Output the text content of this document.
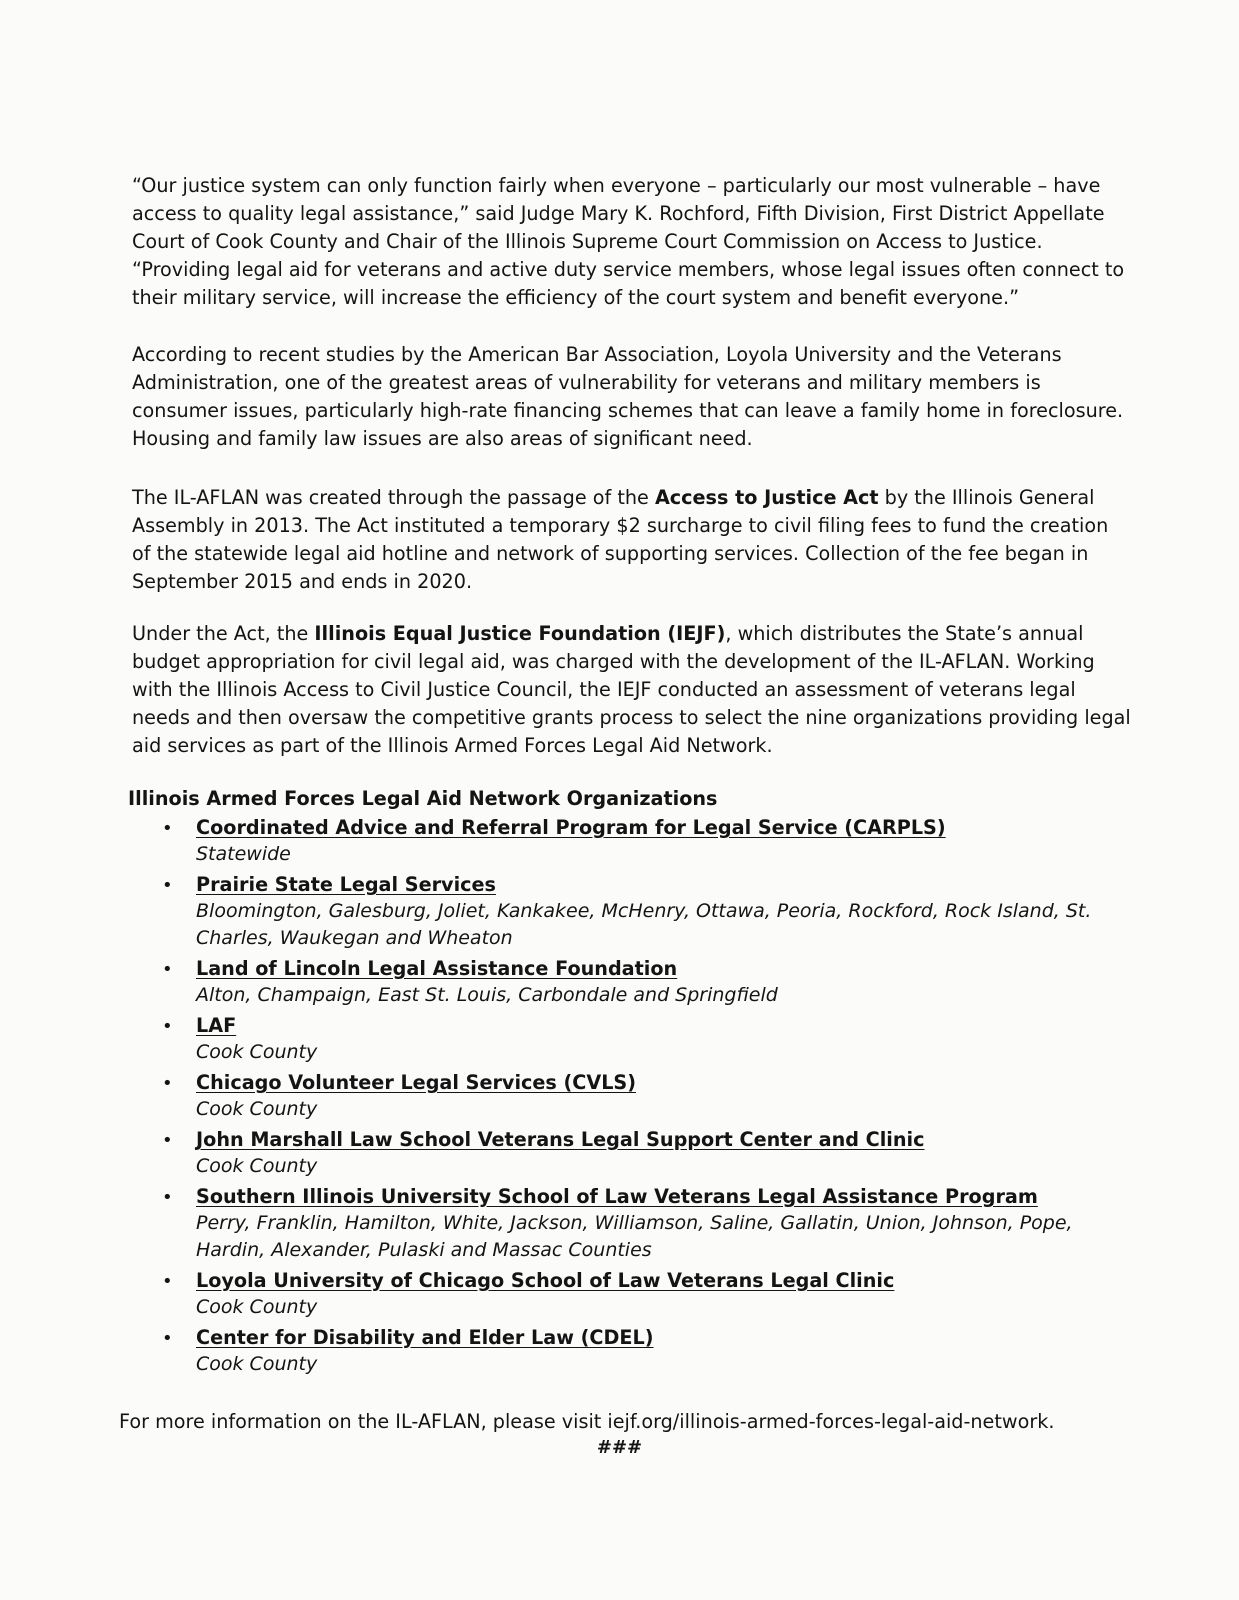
“Our justice system can only function fairly when everyone – particularly our most vulnerable – have access to quality legal assistance,” said Judge Mary K. Rochford, Fifth Division, First District Appellate Court of Cook County and Chair of the Illinois Supreme Court Commission on Access to Justice. “Providing legal aid for veterans and active duty service members, whose legal issues often connect to their military service, will increase the efficiency of the court system and benefit everyone.”

According to recent studies by the American Bar Association, Loyola University and the Veterans Administration, one of the greatest areas of vulnerability for veterans and military members is consumer issues, particularly high-rate financing schemes that can leave a family home in foreclosure. Housing and family law issues are also areas of significant need.

The IL-AFLAN was created through the passage of the Access to Justice Act by the Illinois General Assembly in 2013. The Act instituted a temporary $2 surcharge to civil filing fees to fund the creation of the statewide legal aid hotline and network of supporting services. Collection of the fee began in September 2015 and ends in 2020.

Under the Act, the Illinois Equal Justice Foundation (IEJF), which distributes the State’s annual budget appropriation for civil legal aid, was charged with the development of the IL-AFLAN. Working with the Illinois Access to Civil Justice Council, the IEJF conducted an assessment of veterans legal needs and then oversaw the competitive grants process to select the nine organizations providing legal aid services as part of the Illinois Armed Forces Legal Aid Network.

Illinois Armed Forces Legal Aid Network Organizations

• Coordinated Advice and Referral Program for Legal Service (CARPLS)
Statewide
• Prairie State Legal Services
Bloomington, Galesburg, Joliet, Kankakee, McHenry, Ottawa, Peoria, Rockford, Rock Island, St. Charles, Waukegan and Wheaton
• Land of Lincoln Legal Assistance Foundation
Alton, Champaign, East St. Louis, Carbondale and Springfield
• LAF
Cook County
• Chicago Volunteer Legal Services (CVLS)
Cook County
• John Marshall Law School Veterans Legal Support Center and Clinic
Cook County
• Southern Illinois University School of Law Veterans Legal Assistance Program
Perry, Franklin, Hamilton, White, Jackson, Williamson, Saline, Gallatin, Union, Johnson, Pope, Hardin, Alexander, Pulaski and Massac Counties
• Loyola University of Chicago School of Law Veterans Legal Clinic
Cook County
• Center for Disability and Elder Law (CDEL)
Cook County

For more information on the IL-AFLAN, please visit iejf.org/illinois-armed-forces-legal-aid-network.

###
